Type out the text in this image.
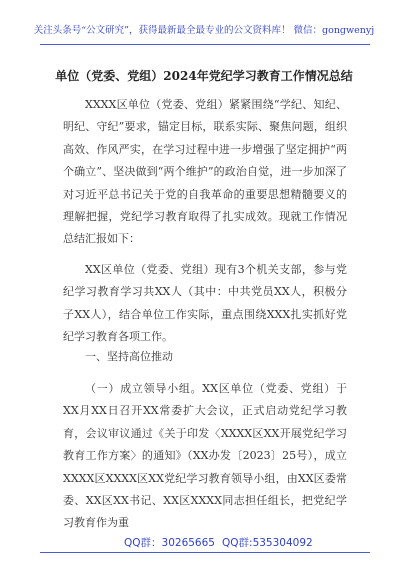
关注头条号“公文研究”，获得最新最全最专业的公文资料库！ 微信：gongwenyj
单位（党委、党组）2024年党纪学习教育工作情况总结

XXXX区单位（党委、党组）紧紧围绕“学纪、知纪、明纪、守纪”要求，锚定目标，联系实际、聚焦问题，组织高效、作风严实，在学习过程中进一步增强了坚定拥护“两个确立”、坚决做到“两个维护”的政治自觉，进一步加深了对习近平总书记关于党的自我革命的重要思想精髓要义的理解把握，党纪学习教育取得了扎实成效。现就工作情况总结汇报如下：

XX区单位（党委、党组）现有3个机关支部，参与党纪学习教育学习共XX人（其中：中共党员XX人，积极分子XX人），结合单位工作实际，重点围绕XXX扎实抓好党纪学习教育各项工作。

一、坚持高位推动

（一）成立领导小组。XX区单位（党委、党组）于XX月XX日召开XX常委扩大会议，正式启动党纪学习教育，会议审议通过《关于印发〈XXXX区XX开展党纪学习教育工作方案〉的通知》（XX办发〔2023〕25号），成立XXXX区XXXX区XX党纪学习教育领导小组，由XX区委常委、XX区XX书记、XX区XXXX同志担任组长，把党纪学习教育作为重

QQ群：30265665 QQ群:535304092
